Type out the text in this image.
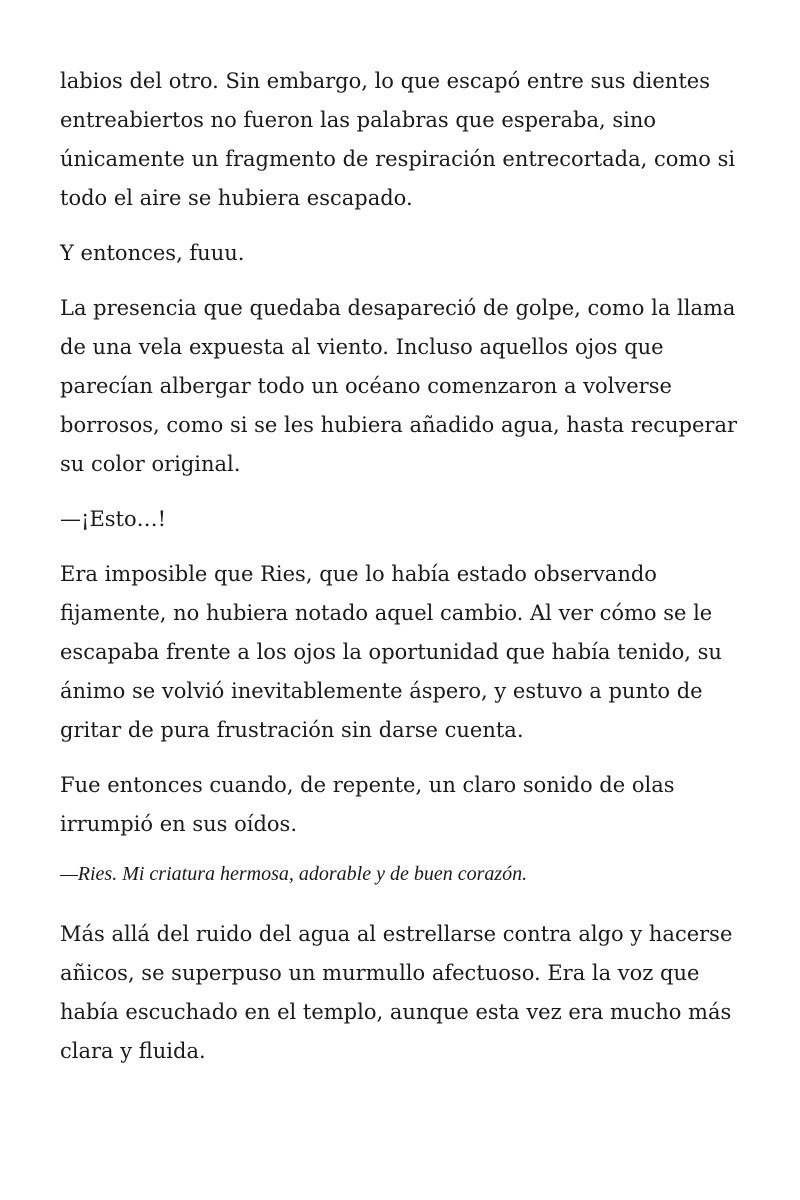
labios del otro. Sin embargo, lo que escapó entre sus dientes entreabiertos no fueron las palabras que esperaba, sino únicamente un fragmento de respiración entrecortada, como si todo el aire se hubiera escapado.

Y entonces, fuuu.

La presencia que quedaba desapareció de golpe, como la llama de una vela expuesta al viento. Incluso aquellos ojos que parecían albergar todo un océano comenzaron a volverse borrosos, como si se les hubiera añadido agua, hasta recuperar su color original.

—¡Esto…!

Era imposible que Ries, que lo había estado observando fijamente, no hubiera notado aquel cambio. Al ver cómo se le escapaba frente a los ojos la oportunidad que había tenido, su ánimo se volvió inevitablemente áspero, y estuvo a punto de gritar de pura frustración sin darse cuenta.

Fue entonces cuando, de repente, un claro sonido de olas irrumpió en sus oídos.

—Ries. Mi criatura hermosa, adorable y de buen corazón.

Más allá del ruido del agua al estrellarse contra algo y hacerse añicos, se superpuso un murmullo afectuoso. Era la voz que había escuchado en el templo, aunque esta vez era mucho más clara y fluida.
